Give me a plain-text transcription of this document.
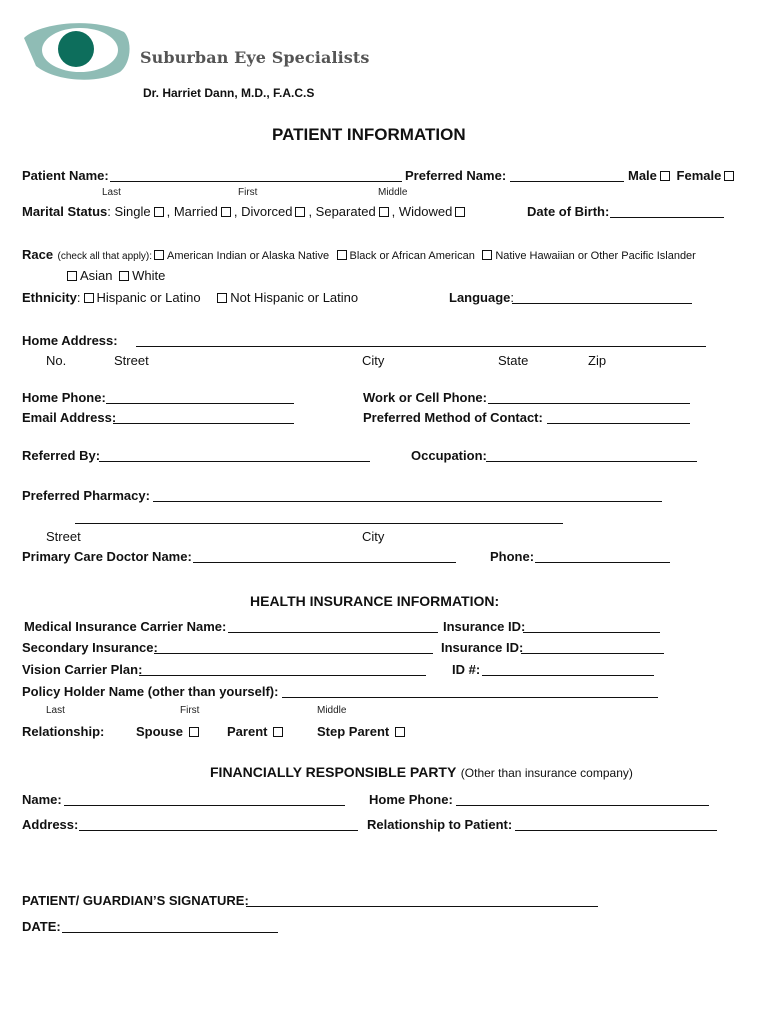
Suburban Eye Specialists
Dr. Harriet Dann, M.D., F.A.C.S
PATIENT INFORMATION
Patient Name:	Preferred Name:	Male Female
Last	First	Middle
Marital Status: Single , Married , Divorced , Separated , Widowed	Date of Birth:
Race (check all that apply): American Indian or Alaska Native Black or African American Native Hawaiian or Other Pacific Islander
Asian White
Ethnicity: Hispanic or Latino Not Hispanic or Latino	Language:
Home Address:
No.	Street	City	State	Zip
Home Phone:	Work or Cell Phone:
Email Address:	Preferred Method of Contact:
Referred By:	Occupation:
Preferred Pharmacy:
Street	City
Primary Care Doctor Name:	Phone:
HEALTH INSURANCE INFORMATION:
Medical Insurance Carrier Name:	Insurance ID:
Secondary Insurance:	Insurance ID:
Vision Carrier Plan:	ID #:
Policy Holder Name (other than yourself):
Last	First	Middle
Relationship: Spouse	Parent	Step Parent
FINANCIALLY RESPONSIBLE PARTY (Other than insurance company)
Name:	Home Phone:
Address:	Relationship to Patient:
PATIENT/ GUARDIAN’S SIGNATURE:
DATE:
